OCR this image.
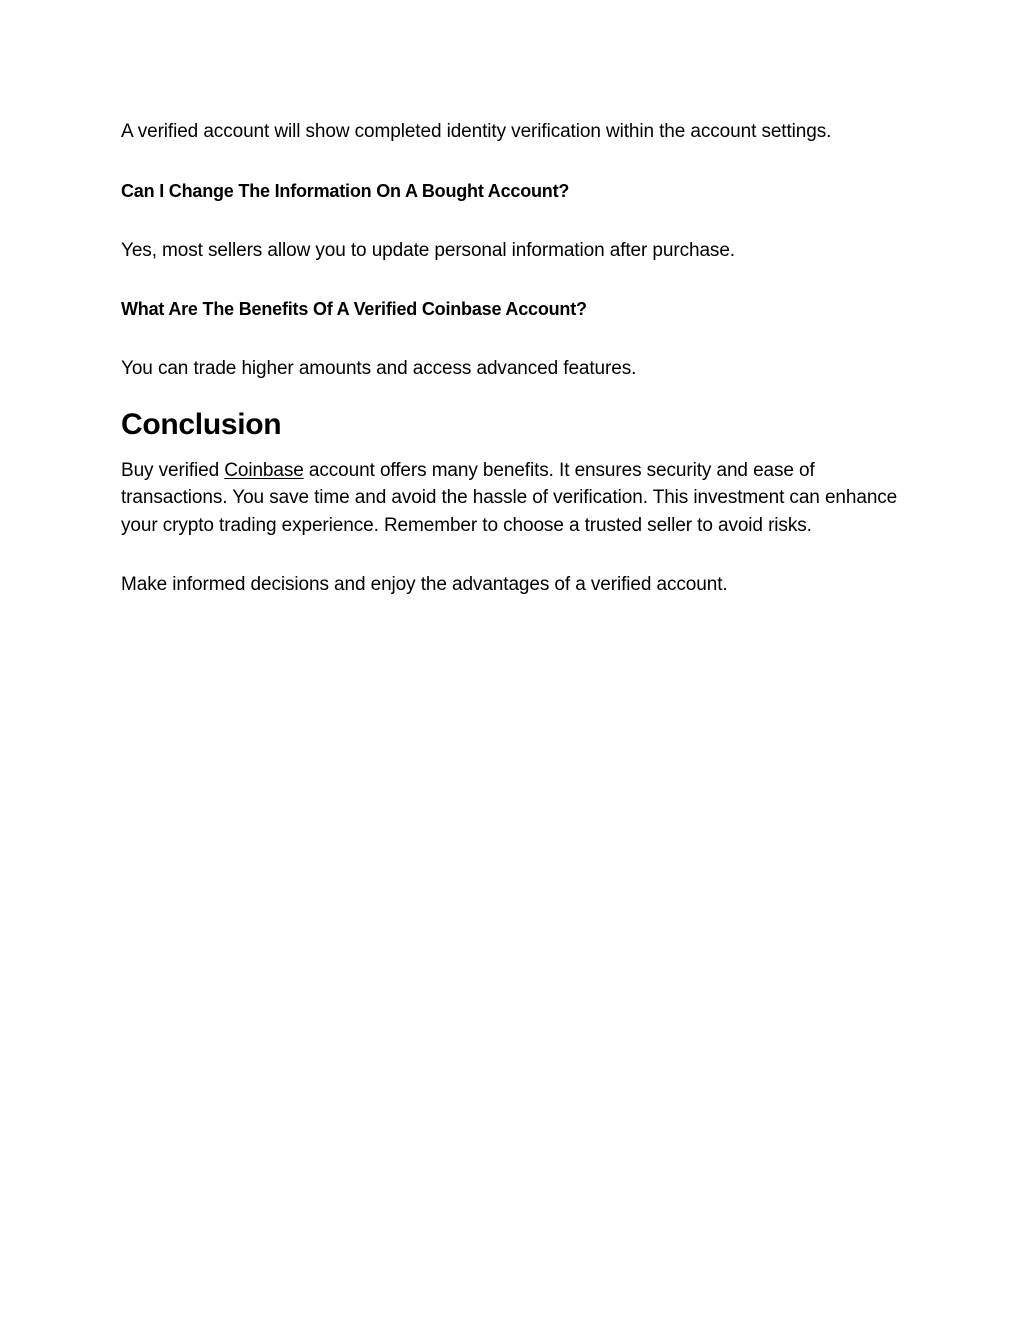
A verified account will show completed identity verification within the account settings.

Can I Change The Information On A Bought Account?

Yes, most sellers allow you to update personal information after purchase.

What Are The Benefits Of A Verified Coinbase Account?

You can trade higher amounts and access advanced features.

Conclusion

Buy verified Coinbase account offers many benefits. It ensures security and ease of transactions. You save time and avoid the hassle of verification. This investment can enhance your crypto trading experience. Remember to choose a trusted seller to avoid risks.

Make informed decisions and enjoy the advantages of a verified account.
